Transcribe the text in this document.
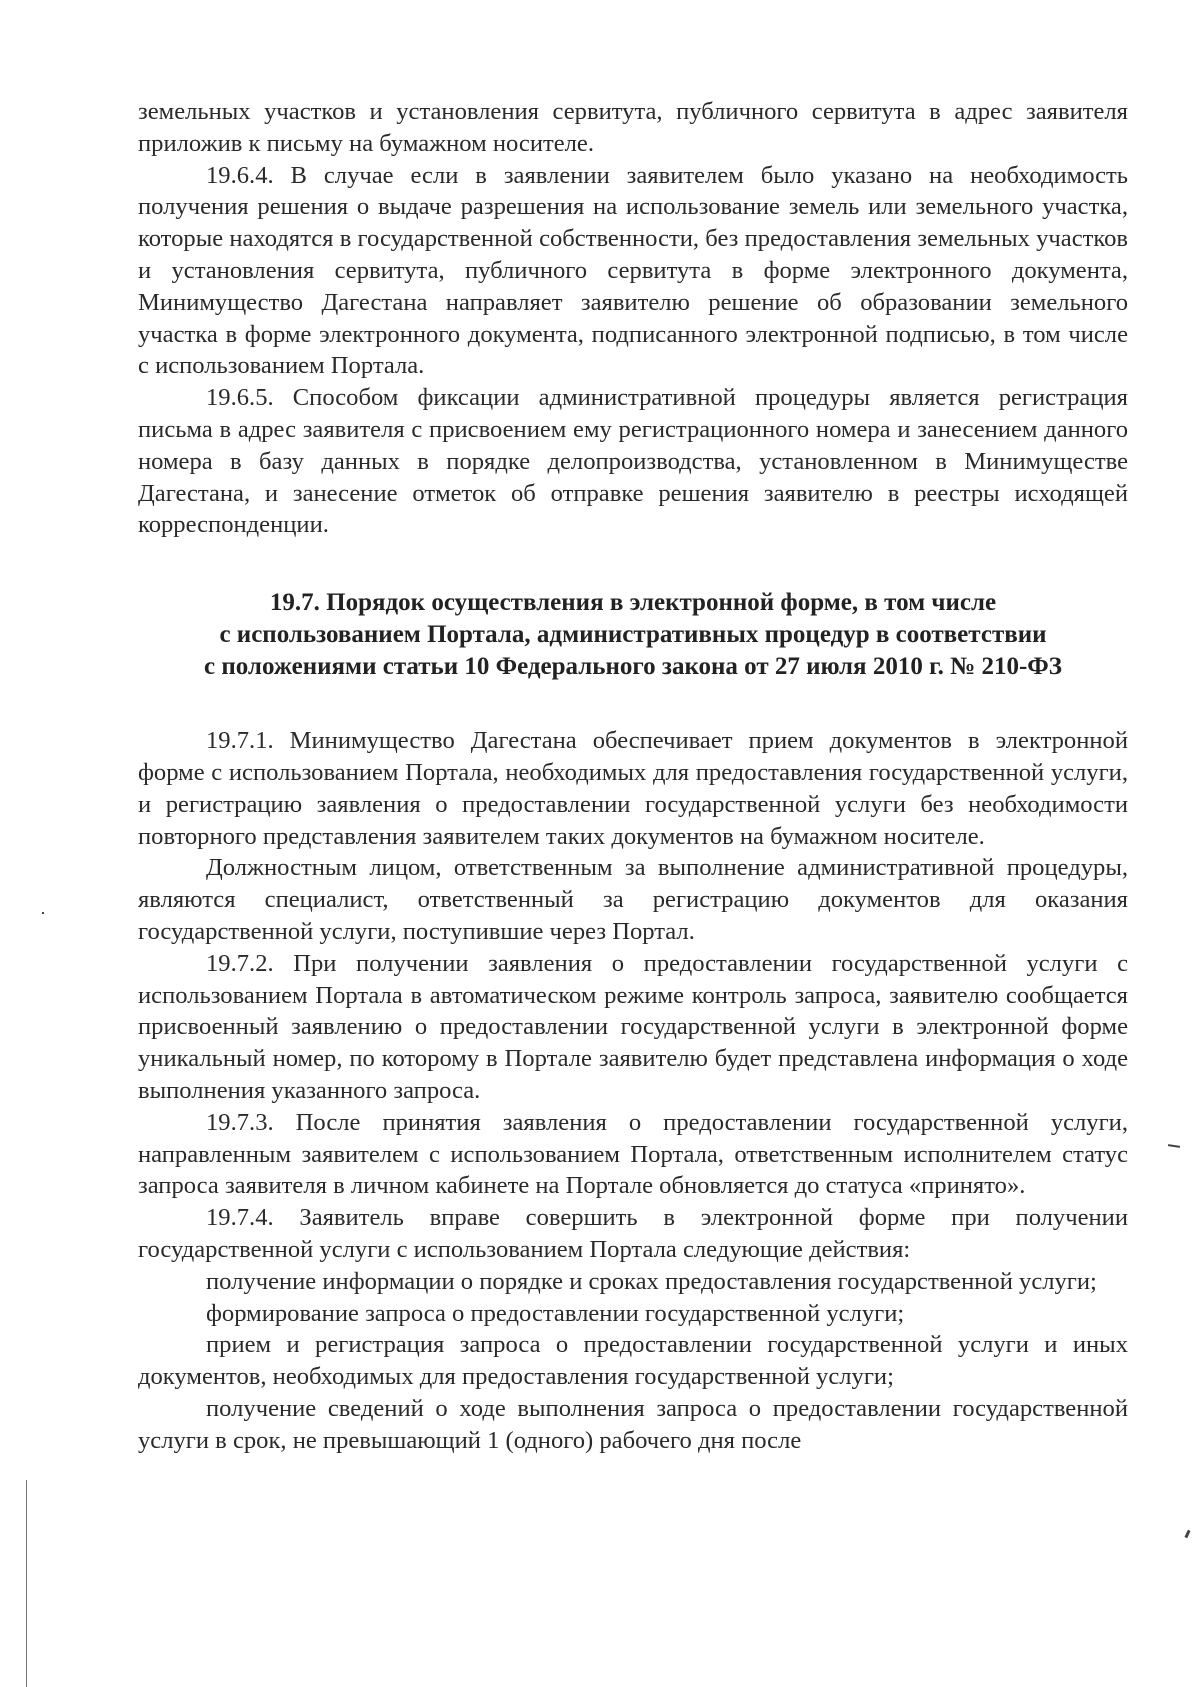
земельных участков и установления сервитута, публичного сервитута в адрес заявителя приложив к письму на бумажном носителе.

19.6.4. В случае если в заявлении заявителем было указано на необходимость получения решения о выдаче разрешения на использование земель или земельного участка, которые находятся в государственной собственности, без предоставления земельных участков и установления сервитута, публичного сервитута в форме электронного документа, Минимущество Дагестана направляет заявителю решение об образовании земельного участка в форме электронного документа, подписанного электронной подписью, в том числе с использованием Портала.

19.6.5. Способом фиксации административной процедуры является регистрация письма в адрес заявителя с присвоением ему регистрационного номера и занесением данного номера в базу данных в порядке делопроизводства, установленном в Минимуществе Дагестана, и занесение отметок об отправке решения заявителю в реестры исходящей корреспонденции.

19.7. Порядок осуществления в электронной форме, в том числе
с использованием Портала, административных процедур в соответствии
с положениями статьи 10 Федерального закона от 27 июля 2010 г. № 210-ФЗ

19.7.1. Минимущество Дагестана обеспечивает прием документов в электронной форме с использованием Портала, необходимых для предоставления государственной услуги, и регистрацию заявления о предоставлении государственной услуги без необходимости повторного представления заявителем таких документов на бумажном носителе.

Должностным лицом, ответственным за выполнение административной процедуры, являются специалист, ответственный за регистрацию документов для оказания государственной услуги, поступившие через Портал.

19.7.2. При получении заявления о предоставлении государственной услуги с использованием Портала в автоматическом режиме контроль запроса, заявителю сообщается присвоенный заявлению о предоставлении государственной услуги в электронной форме уникальный номер, по которому в Портале заявителю будет представлена информация о ходе выполнения указанного запроса.

19.7.3. После принятия заявления о предоставлении государственной услуги, направленным заявителем с использованием Портала, ответственным исполнителем статус запроса заявителя в личном кабинете на Портале обновляется до статуса «принято».

19.7.4. Заявитель вправе совершить в электронной форме при получении государственной услуги с использованием Портала следующие действия:

получение информации о порядке и сроках предоставления государственной услуги;

формирование запроса о предоставлении государственной услуги;

прием и регистрация запроса о предоставлении государственной услуги и иных документов, необходимых для предоставления государственной услуги;

получение сведений о ходе выполнения запроса о предоставлении государственной услуги в срок, не превышающий 1 (одного) рабочего дня после
